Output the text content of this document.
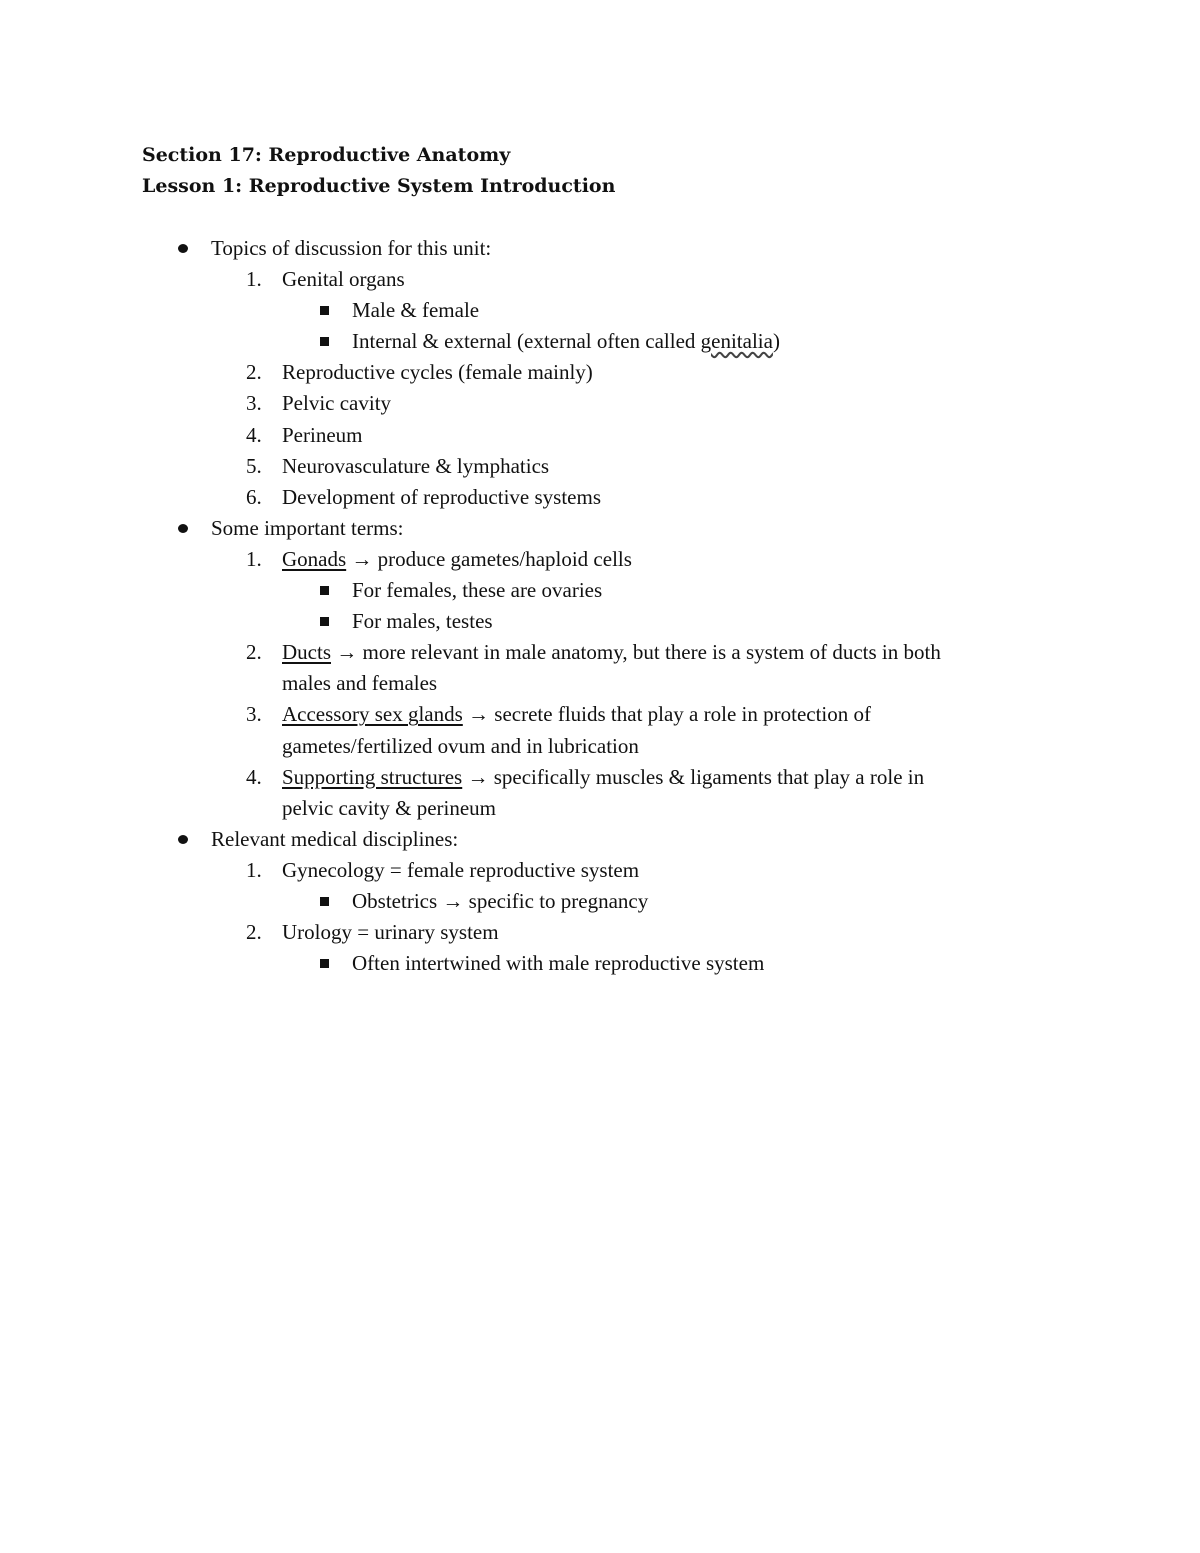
Section 17: Reproductive Anatomy
Lesson 1: Reproductive System Introduction
Topics of discussion for this unit:
1. Genital organs
Male & female
Internal & external (external often called genitalia)
2. Reproductive cycles (female mainly)
3. Pelvic cavity
4. Perineum
5. Neurovasculature & lymphatics
6. Development of reproductive systems
Some important terms:
1. Gonads → produce gametes/haploid cells
For females, these are ovaries
For males, testes
2. Ducts → more relevant in male anatomy, but there is a system of ducts in both
males and females
3. Accessory sex glands → secrete fluids that play a role in protection of
gametes/fertilized ovum and in lubrication
4. Supporting structures → specifically muscles & ligaments that play a role in
pelvic cavity & perineum
Relevant medical disciplines:
1. Gynecology = female reproductive system
Obstetrics → specific to pregnancy
2. Urology = urinary system
Often intertwined with male reproductive system
